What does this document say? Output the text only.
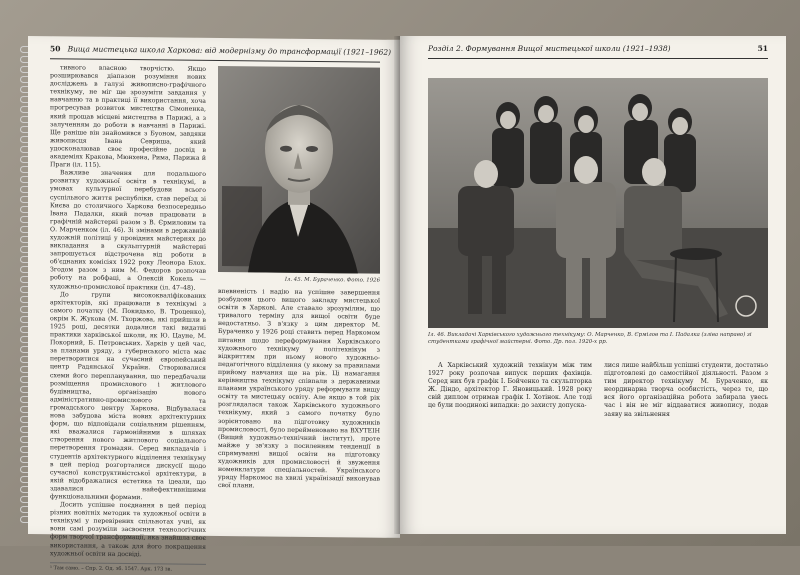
50 Вища мистецька школа Харкова: від модернізму до трансформації (1921–1962)

тивного власною творчістю. Якщо розширювався діапазон розуміння нових досліджень в галузі живописно-графічного технікуму, не міг ще зрозуміти завдання у навчанню та в практиці її використання, хоча прогресував розвиток мистецтва Сімоненка, який прощав місцеві мистецтва в Парижі, а з залученням до роботи в навчанні в Парижі. Ще раніше він знайомився з Буоном, завдяки живописця Івана Севриша, який удосконалював своє професійне досвід в академіях Кракова, Мюнхена, Рима, Парижа й Праги (іл. 115).

Важливе значення для подальшого розвитку художньої освіти в технікумі, в умовах культурної перебудови всього суспільного життя республіки, став переїзд зі Києва до столичного Харкова безпосередньо Івана Падалки, який почав працювати в графічній майстерні разом з В. Єрмиловим та О. Марченком (іл. 46). Зі змінами в державній художній політиці у провідних майстернях до викладання в скульптурній майстерні запрошується відстрочена від роботи в об'єднаних комісіях 1922 року Леонора Блох. Згодом разом з ним М. Федоров розпочав роботу на робфаці, а Олексій Кокель — художньо-промислової практики (іл. 47–48).

До групи висококваліфікованих архітекторів, які працювали в технікумі з самого початку (М. Покидько, В. Троценко), окрім К. Жукова (М. Тхоржова, які прийшли в 1925 році, десятки додалися такі видатні практики харківської школи, як Ю. Цауне, М. Покорний, Б. Петровських. Харків у цей час, за планами уряду, з губернського міста має перетворитися на сучасний європейський центр Радянської України. Створювалися схеми його перепланування, що передбачали розміщення промислового і житлового будівництва, організацію нового адміністративно-промислового та громадського центру Харкова. Відбувалася нова забудова міста нових архітектурних форм, що відповідали соціальним рішенням, які вважалися гармонійними в шляхах створення нового житлового соціального перетворення громадян. Серед викладачів і студентів архітектурного відділення технікуму в цей період розгорталися дискусії щодо сучасної конструктивістської архітектури, в якій відображалися естетика та ідеали, що здавалися найефективнішими функціональними формами.

Досить успішне поєднання в цей період різних новітніх методик та художньої освіти в технікумі у перевірених спільнотах учні, як вони самі розуміли засвоєння технологічних форм творчої трансформації, яка знайшла своє використання, а також для його покращення художньої освіти на досвіді.

¹ Там само. – Спр. 2. Од. зб. 1547. Арк. 173 зв.

Іл. 45. М. Бураченко. Фото. 1926

впевненість і надію на успішне завершення розбудови цього вищого закладу мистецької освіти в Харкові. Але ставало зрозумілим, що тривалого терміну для вищої освіти буде недостатньо. З в'язку з цим директор М. Бураченко у 1926 році ставить перед Наркомом питання щодо переформування Харківського художнього технікуму у політехнікум з відкриттям при ньому нового художньо-педагогічного відділення (у якому за правилами прийому навчання ще на рік. Ці намагання керівництва технікуму співпали з державними планами українського уряду реформувати вищу освіту та мистецьку освіту. Але якщо в той рік розглядалася також Харківського художнього технікуму, який з самого початку було зорієнтовано на підготовку художників промисловості, було перейменовано на ВХУТЕІН (Вищий художньо-технічний інститут), проте майже у зв'язку з посиленням тенденції в спрямуванні вищої освіти на підготовку художників для промисловості й звуження номенклатури спеціальностей. Українського уряду Наркомос на хвилі українізації виконував свої плани.

Розділ 2. Формування Вищої мистецької школи (1921–1938)	51
Іл. 46. Викладачі Харківського художнього технікуму: О. Марченко, В. Єрмілов та І. Падалка (зліва направо) зі студентками графічної майстерні. Фото. Др. пол. 1920-х рр.

А Харківський художній технікум між тим 1927 року розпочав випуск перших фахівців. Серед них був графік І. Бойченко та скульпторка Ж. Діндо, архітектор Г. Яновицький. 1928 року свій диплом отримав графік І. Хотінок. Але тоді це були поодинокі випадки: до захисту допуска-

лися лише найбільш успішні студенти, достатньо підготовлені до самостійної діяльності. Разом з тим директор технікуму М. Бураченко, як неординарна творча особистість, через те, що вся його організаційна робота забирала увесь час і він не міг віддаватися живопису, подав заяву на звільнення
